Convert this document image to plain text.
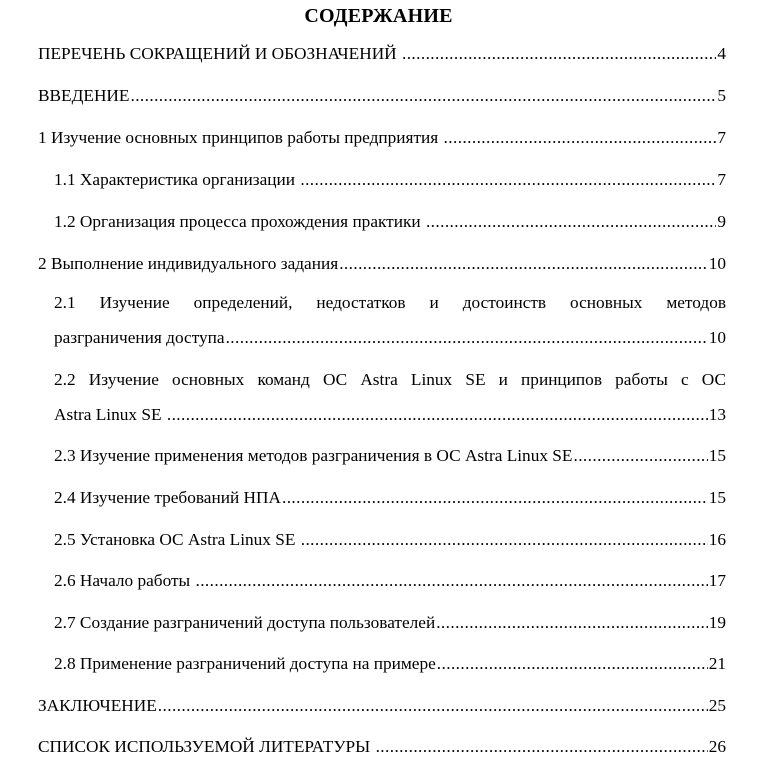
СОДЕРЖАНИЕ
ПЕРЕЧЕНЬ СОКРАЩЕНИЙ И ОБОЗНАЧЕНИЙ .....	4
ВВЕДЕНИЕ .....	5
1 Изучение основных принципов работы предприятия .....	7
1.1 Характеристика организации .....	7
1.2 Организация процесса прохождения практики .....	9
2 Выполнение индивидуального задания .....	10
2.1 Изучение определений, недостатков и достоинств основных методов
разграничения доступа .....	10
2.2 Изучение основных команд ОС Astra Linux SE и принципов работы с ОС
Astra Linux SE .....	13
2.3 Изучение применения методов разграничения в ОС Astra Linux SE .....	15
2.4 Изучение требований НПА .....	15
2.5 Установка ОС Astra Linux SE .....	16
2.6 Начало работы .....	17
2.7 Создание разграничений доступа пользователей .....	19
2.8 Применение разграничений доступа на примере .....	21
ЗАКЛЮЧЕНИЕ .....	25
СПИСОК ИСПОЛЬЗУЕМОЙ ЛИТЕРАТУРЫ .....	26
